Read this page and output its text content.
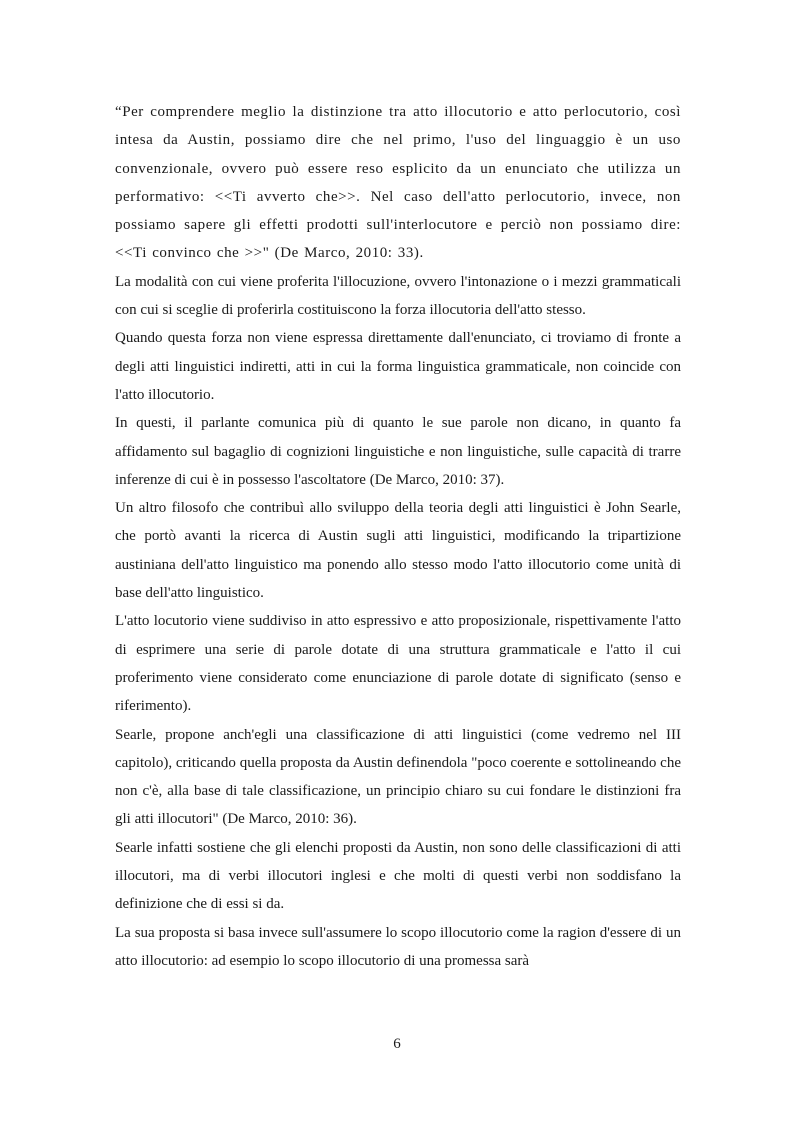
“Per comprendere meglio la distinzione tra atto illocutorio e atto perlocutorio, così intesa da Austin, possiamo dire che nel primo, l'uso del linguaggio è un uso convenzionale, ovvero può essere reso esplicito da un enunciato che utilizza un performativo: <<Ti avverto che>>. Nel caso dell'atto perlocutorio, invece, non possiamo sapere gli effetti prodotti sull'interlocutore e perciò non possiamo dire: <<Ti convinco che >>" (De Marco, 2010: 33).

La modalità con cui viene proferita l'illocuzione, ovvero l'intonazione o i mezzi grammaticali con cui si sceglie di proferirla costituiscono la forza illocutoria dell'atto stesso.

Quando questa forza non viene espressa direttamente dall'enunciato, ci troviamo di fronte a degli atti linguistici indiretti, atti in cui la forma linguistica grammaticale, non coincide con l'atto illocutorio.

In questi, il parlante comunica più di quanto le sue parole non dicano, in quanto fa affidamento sul bagaglio di cognizioni linguistiche e non linguistiche, sulle capacità di trarre inferenze di cui è in possesso l'ascoltatore (De Marco, 2010: 37).

Un altro filosofo che contribuì allo sviluppo della teoria degli atti linguistici è John Searle, che portò avanti la ricerca di Austin sugli atti linguistici, modificando la tripartizione austiniana dell'atto linguistico ma ponendo allo stesso modo l'atto illocutorio come unità di base dell'atto linguistico.

L'atto locutorio viene suddiviso in atto espressivo e atto proposizionale, rispettivamente l'atto di esprimere una serie di parole dotate di una struttura grammaticale e l'atto il cui proferimento viene considerato come enunciazione di parole dotate di significato (senso e riferimento).

Searle, propone anch'egli una classificazione di atti linguistici (come vedremo nel III capitolo), criticando quella proposta da Austin definendola "poco coerente e sottolineando che non c'è, alla base di tale classificazione, un principio chiaro su cui fondare le distinzioni fra gli atti illocutori" (De Marco, 2010: 36).

Searle infatti sostiene che gli elenchi proposti da Austin, non sono delle classificazioni di atti illocutori, ma di verbi illocutori inglesi e che molti di questi verbi non soddisfano la definizione che di essi si da.

La sua proposta si basa invece sull'assumere lo scopo illocutorio come la ragion d'essere di un atto illocutorio: ad esempio lo scopo illocutorio di una promessa sarà

6
